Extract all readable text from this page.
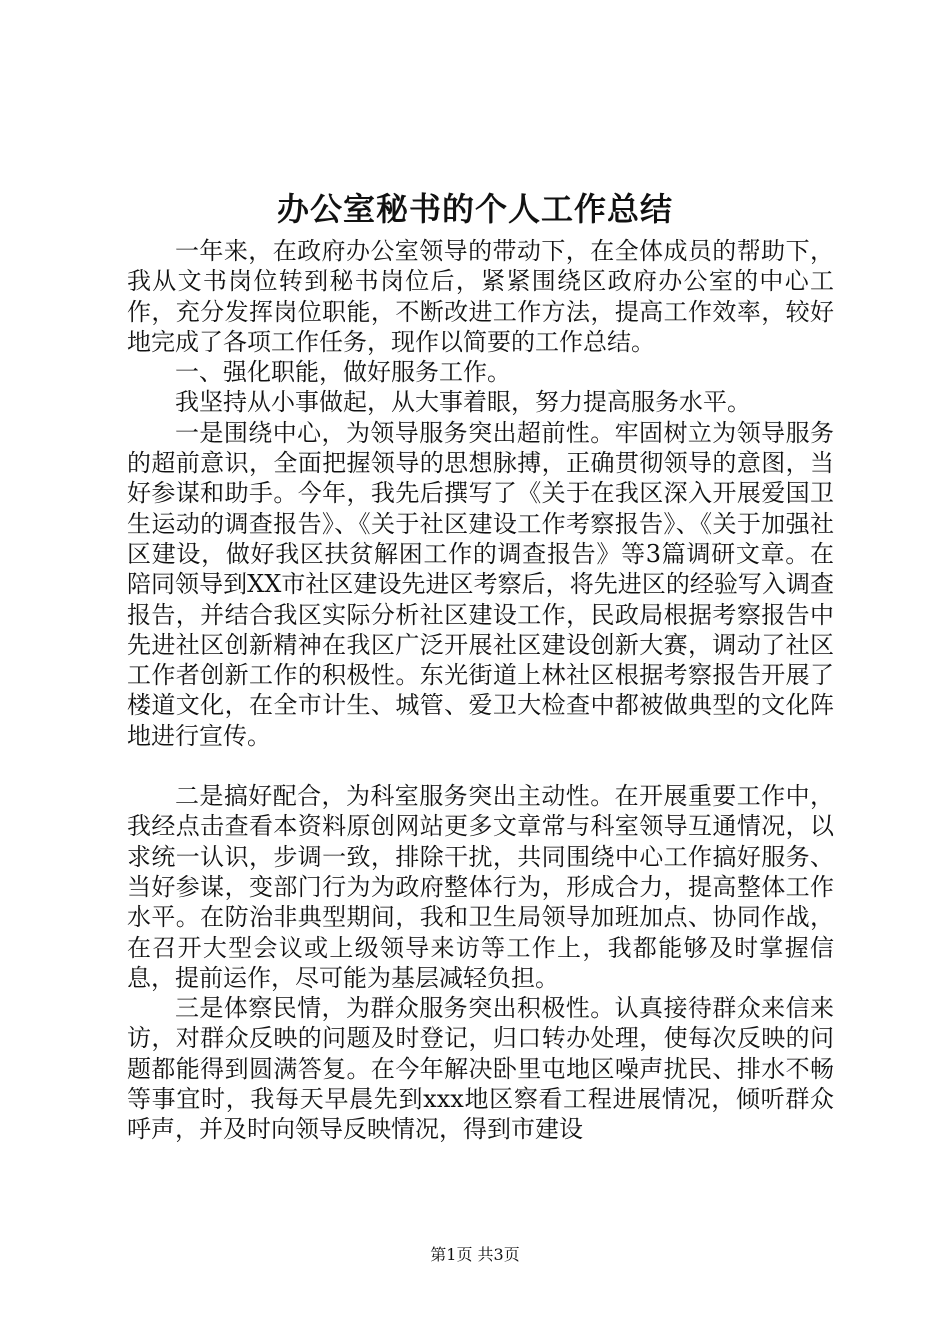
办公室秘书的个人工作总结

一年来，在政府办公室领导的带动下，在全体成员的帮助下，我从文书岗位转到秘书岗位后，紧紧围绕区政府办公室的中心工作，充分发挥岗位职能，不断改进工作方法，提高工作效率，较好地完成了各项工作任务，现作以简要的工作总结。

一、强化职能，做好服务工作。

我坚持从小事做起，从大事着眼，努力提高服务水平。

一是围绕中心，为领导服务突出超前性。牢固树立为领导服务的超前意识，全面把握领导的思想脉搏，正确贯彻领导的意图，当好参谋和助手。今年，我先后撰写了《关于在我区深入开展爱国卫生运动的调查报告》、《关于社区建设工作考察报告》、《关于加强社区建设，做好我区扶贫解困工作的调查报告》等3篇调研文章。在陪同领导到XX市社区建设先进区考察后，将先进区的经验写入调查报告，并结合我区实际分析社区建设工作，民政局根据考察报告中先进社区创新精神在我区广泛开展社区建设创新大赛，调动了社区工作者创新工作的积极性。东光街道上林社区根据考察报告开展了楼道文化，在全市计生、城管、爱卫大检查中都被做典型的文化阵地进行宣传。

二是搞好配合，为科室服务突出主动性。在开展重要工作中，我经点击查看本资料原创网站更多文章常与科室领导互通情况，以求统一认识，步调一致，排除干扰，共同围绕中心工作搞好服务、当好参谋，变部门行为为政府整体行为，形成合力，提高整体工作水平。在防治非典型期间，我和卫生局领导加班加点、协同作战，在召开大型会议或上级领导来访等工作上，我都能够及时掌握信息，提前运作，尽可能为基层减轻负担。

三是体察民情，为群众服务突出积极性。认真接待群众来信来访，对群众反映的问题及时登记，归口转办处理，使每次反映的问题都能得到圆满答复。在今年解决卧里屯地区噪声扰民、排水不畅等事宜时，我每天早晨先到xxx地区察看工程进展情况，倾听群众呼声，并及时向领导反映情况，得到市建设

第1页 共3页
